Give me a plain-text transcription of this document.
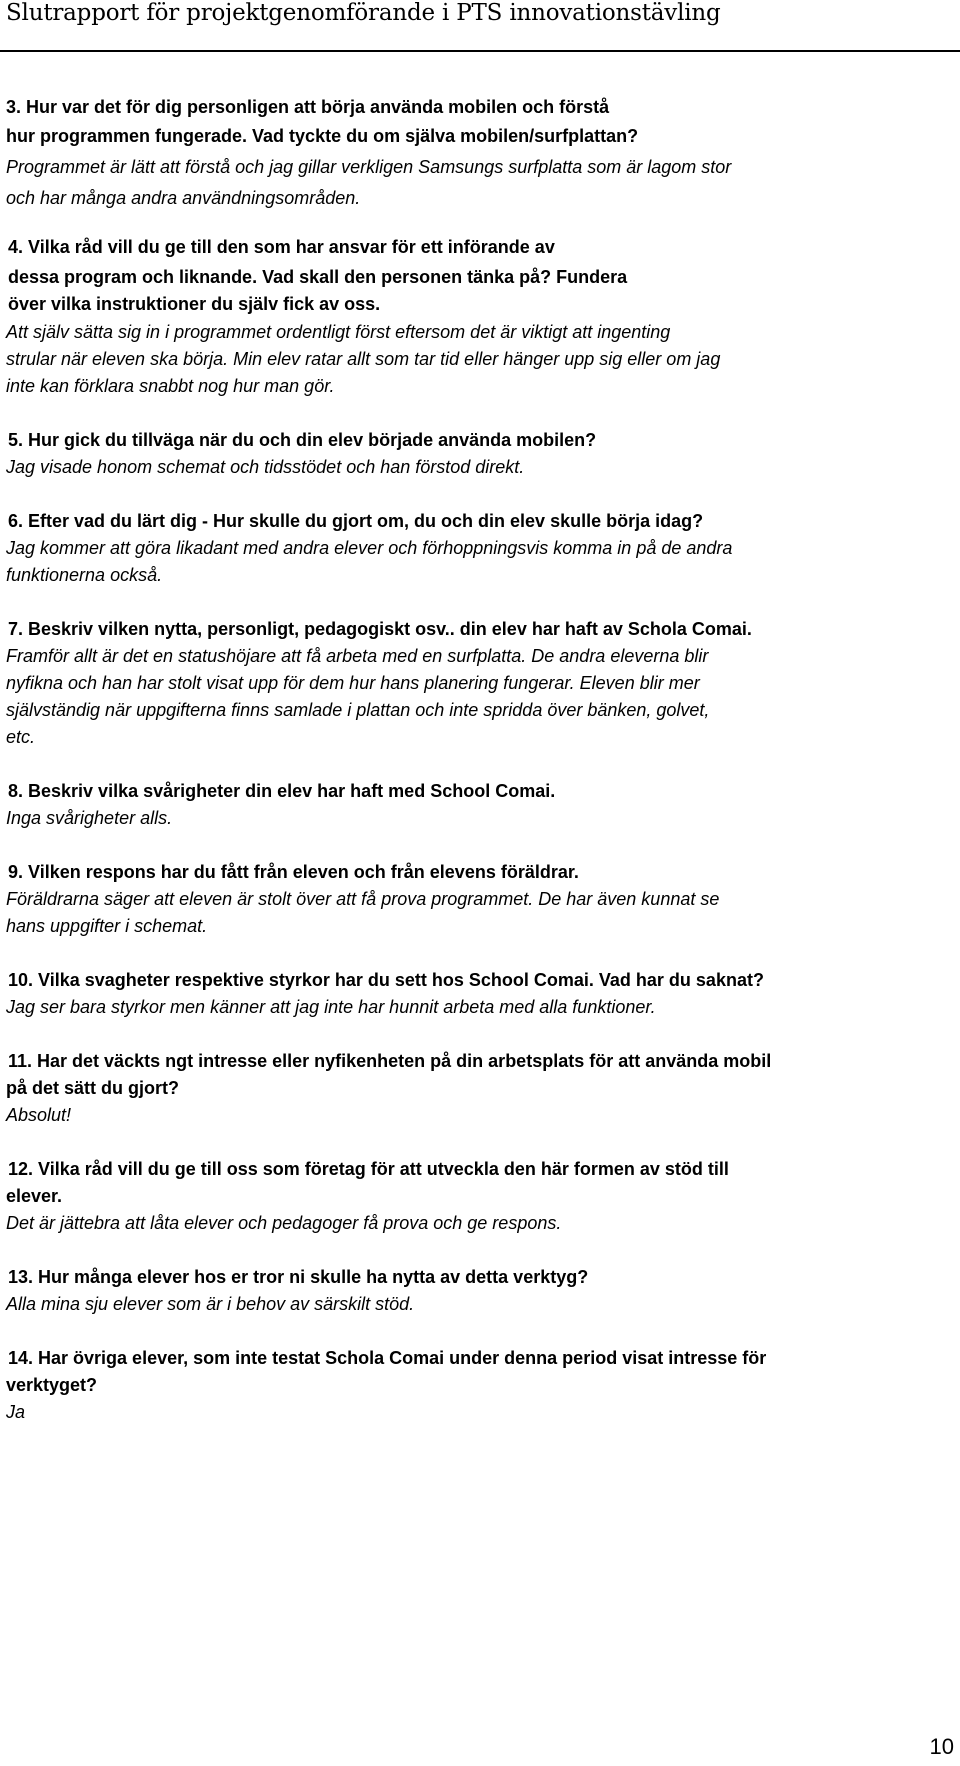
Slutrapport för projektgenomförande i PTS innovationstävling
3. Hur var det för dig personligen att börja använda mobilen och förstå
hur programmen fungerade. Vad tyckte du om själva mobilen/surfplattan?
Programmet är lätt att förstå och jag gillar verkligen Samsungs surfplatta som är lagom stor
och har många andra användningsområden.
4. Vilka råd vill du ge till den som har ansvar för ett införande av
dessa program och liknande. Vad skall den personen tänka på? Fundera
över vilka instruktioner du själv fick av oss.
Att själv sätta sig in i programmet ordentligt först eftersom det är viktigt att ingenting
strular när eleven ska börja. Min elev ratar allt som tar tid eller hänger upp sig eller om jag
inte kan förklara snabbt nog hur man gör.
5. Hur gick du tillväga när du och din elev började använda mobilen?
Jag visade honom schemat och tidsstödet och han förstod direkt.
6. Efter vad du lärt dig - Hur skulle du gjort om, du och din elev skulle börja idag?
Jag kommer att göra likadant med andra elever och förhoppningsvis komma in på de andra
funktionerna också.
7. Beskriv vilken nytta, personligt, pedagogiskt osv.. din elev har haft av Schola Comai.
Framför allt är det en statushöjare att få arbeta med en surfplatta. De andra eleverna blir
nyfikna och han har stolt visat upp för dem hur hans planering fungerar. Eleven blir mer
självständig när uppgifterna finns samlade i plattan och inte spridda över bänken, golvet,
etc.
8. Beskriv vilka svårigheter din elev har haft med School Comai.
Inga svårigheter alls.
9. Vilken respons har du fått från eleven och från elevens föräldrar.
Föräldrarna säger att eleven är stolt över att få prova programmet. De har även kunnat se
hans uppgifter i schemat.
10. Vilka svagheter respektive styrkor har du sett hos School Comai. Vad har du saknat?
Jag ser bara styrkor men känner att jag inte har hunnit arbeta med alla funktioner.
11. Har det väckts ngt intresse eller nyfikenheten på din arbetsplats för att använda mobil
på det sätt du gjort?
Absolut!
12. Vilka råd vill du ge till oss som företag för att utveckla den här formen av stöd till
elever.
Det är jättebra att låta elever och pedagoger få prova och ge respons.
13. Hur många elever hos er tror ni skulle ha nytta av detta verktyg?
Alla mina sju elever som är i behov av särskilt stöd.
14. Har övriga elever, som inte testat Schola Comai under denna period visat intresse för
verktyget?
Ja
10
